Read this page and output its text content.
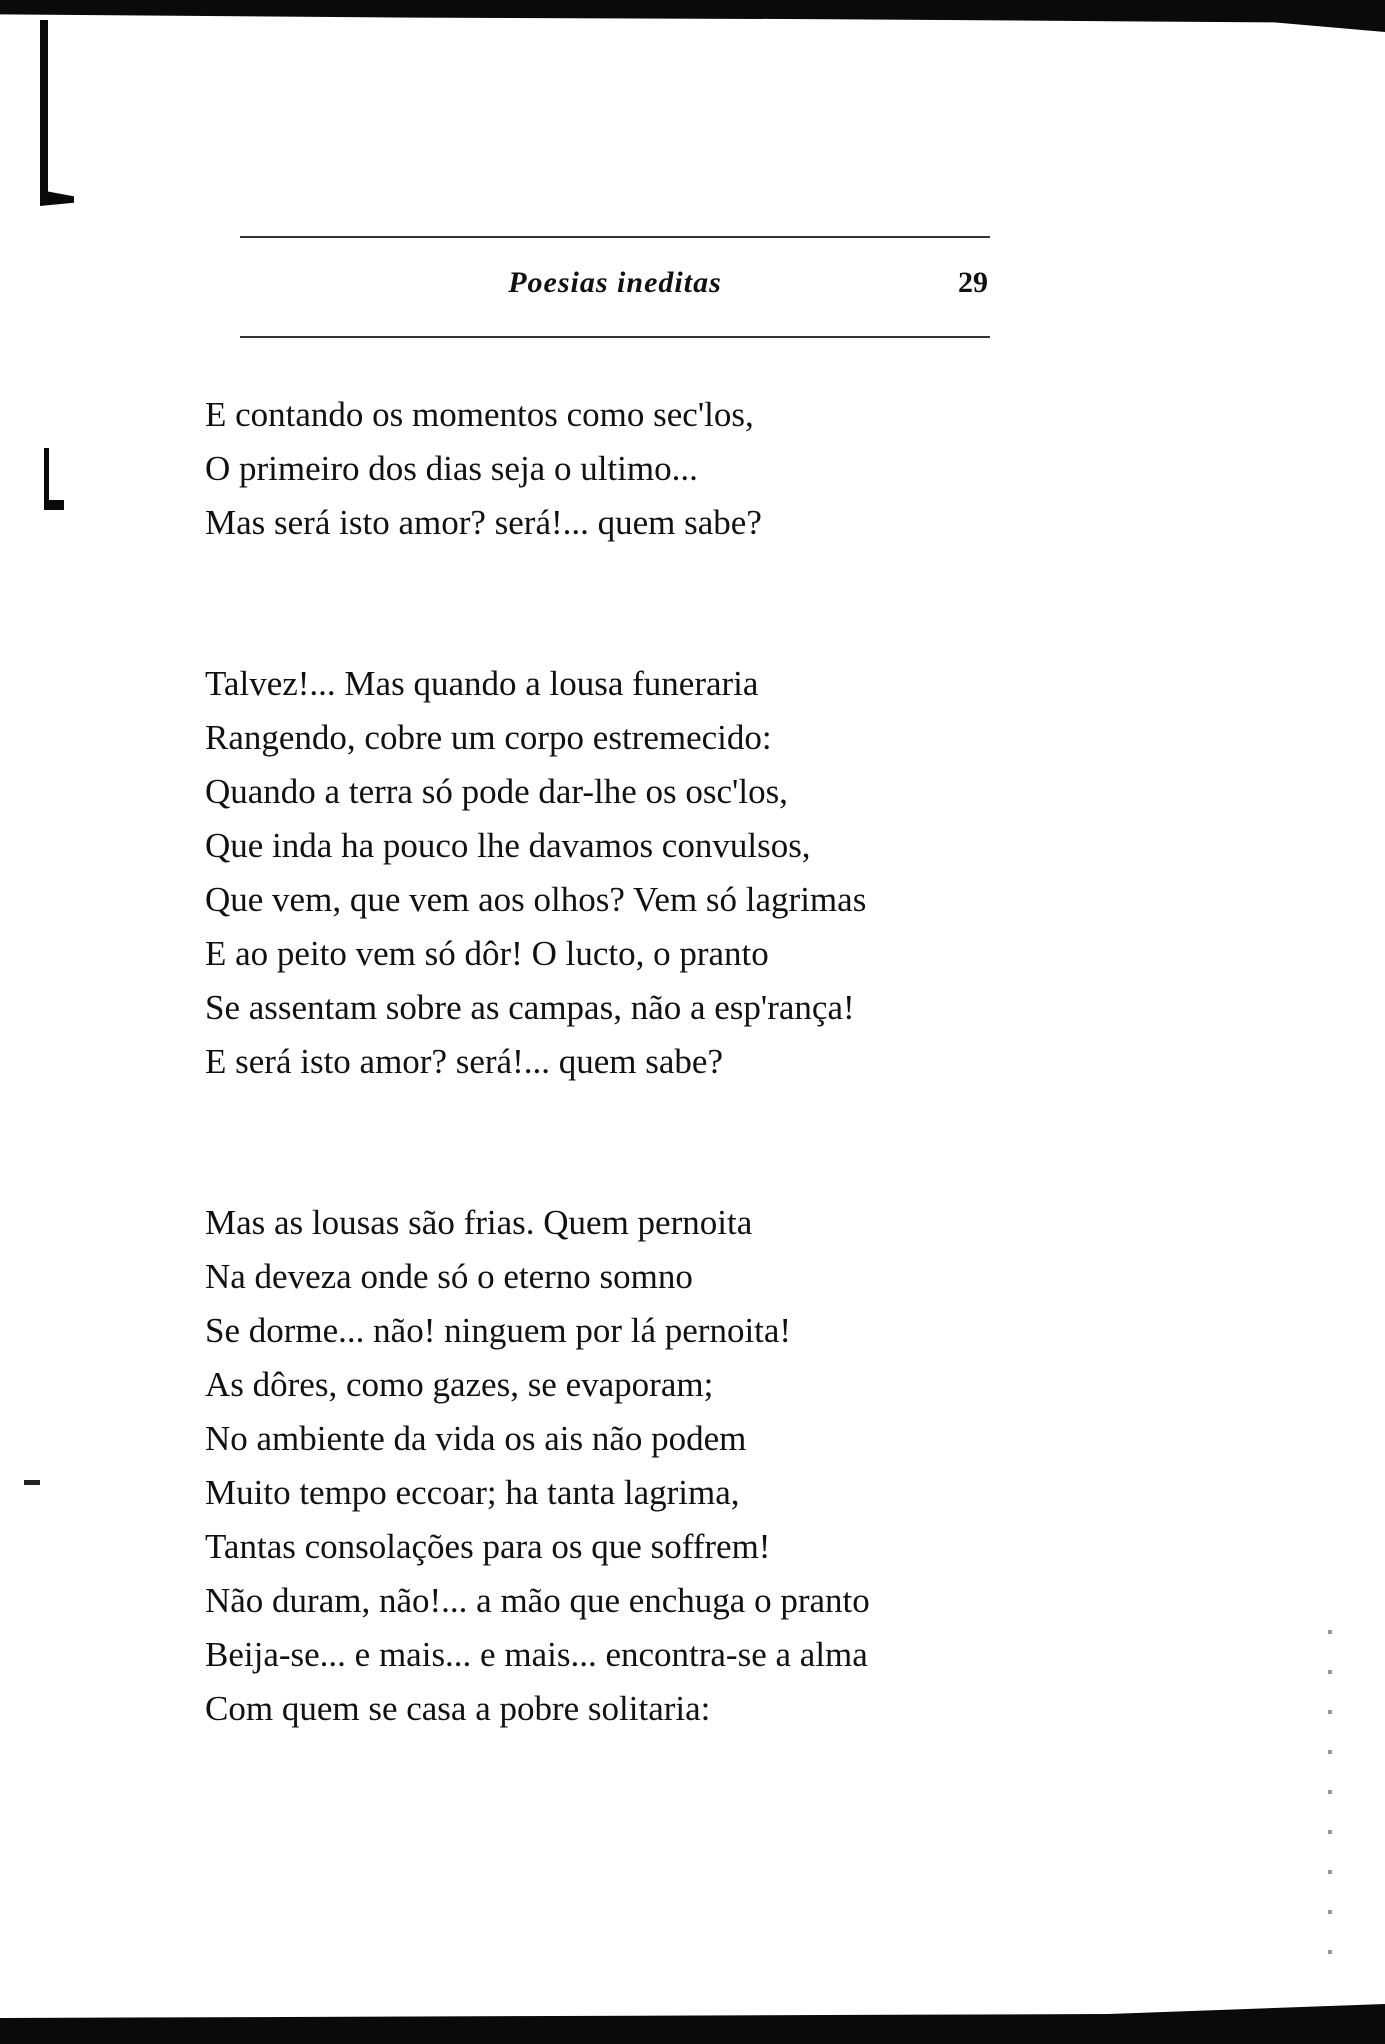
Poesias ineditas	29
E contando os momentos como sec'los,
O primeiro dos dias seja o ultimo...
Mas será isto amor? será!... quem sabe?
Talvez!... Mas quando a lousa funeraria
Rangendo, cobre um corpo estremecido:
Quando a terra só pode dar-lhe os osc'los,
Que inda ha pouco lhe davamos convulsos,
Que vem, que vem aos olhos? Vem só lagrimas
E ao peito vem só dôr! O lucto, o pranto
Se assentam sobre as campas, não a esp'rança!
E será isto amor? será!... quem sabe?
Mas as lousas são frias. Quem pernoita
Na deveza onde só o eterno somno
Se dorme... não! ninguem por lá pernoita!
As dôres, como gazes, se evaporam;
No ambiente da vida os ais não podem
Muito tempo eccoar; ha tanta lagrima,
Tantas consolações para os que soffrem!
Não duram, não!... a mão que enchuga o pranto
Beija-se... e mais... e mais... encontra-se a alma
Com quem se casa a pobre solitaria:
